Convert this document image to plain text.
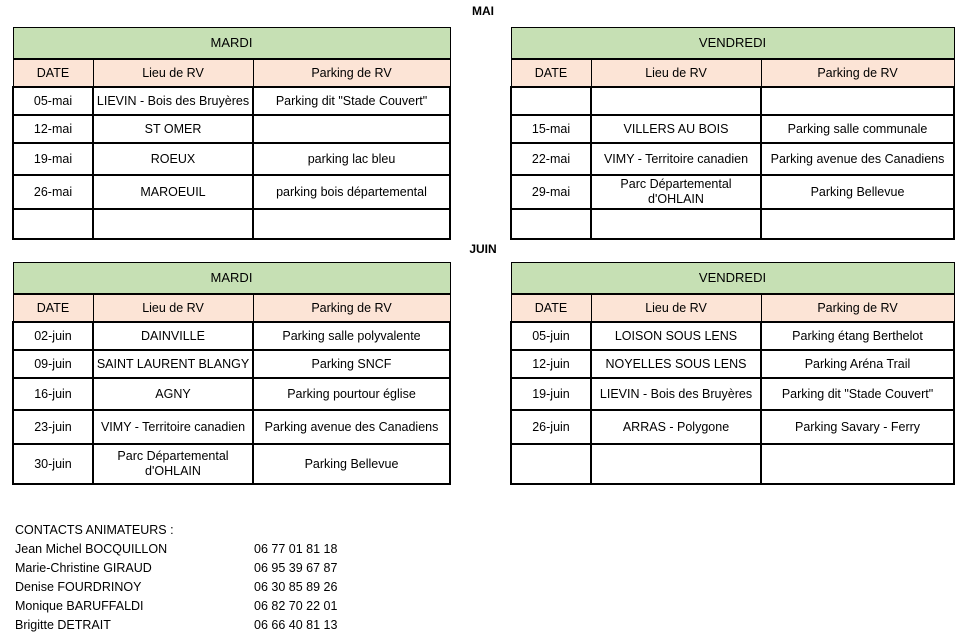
MAI
JUIN
CONTACTS ANIMATEURS :
Jean Michel BOCQUILLON	06 77 01 81 18
Marie-Christine GIRAUD	06 95 39 67 87
Denise FOURDRINOY	06 30 85 89 26
Monique BARUFFALDI	06 82 70 22 01
Brigitte DETRAIT	06 66 40 81 13
MARDI		
DATE	Lieu de RV	Parking de RV
05-mai	LIEVIN - Bois des Bruyères	Parking dit "Stade Couvert"
12-mai	ST OMER	
19-mai	ROEUX	parking lac bleu
26-mai	MAROEUIL	parking bois départemental

VENDREDI		
DATE	Lieu de RV	Parking de RV

15-mai	VILLERS AU BOIS	Parking salle communale
22-mai	VIMY - Territoire canadien	Parking avenue des Canadiens
29-mai	Parc Départemental d'OHLAIN	Parking Bellevue

MARDI		
DATE	Lieu de RV	Parking de RV
02-juin	DAINVILLE	Parking salle polyvalente
09-juin	SAINT LAURENT BLANGY	Parking SNCF
16-juin	AGNY	Parking pourtour église
23-juin	VIMY - Territoire canadien	Parking avenue des Canadiens
30-juin	Parc Départemental d'OHLAIN	Parking Bellevue
VENDREDI		
DATE	Lieu de RV	Parking de RV
05-juin	LOISON SOUS LENS	Parking étang Berthelot
12-juin	NOYELLES SOUS LENS	Parking Aréna Trail
19-juin	LIEVIN - Bois des Bruyères	Parking dit "Stade Couvert"
26-juin	ARRAS - Polygone	Parking Savary - Ferry
